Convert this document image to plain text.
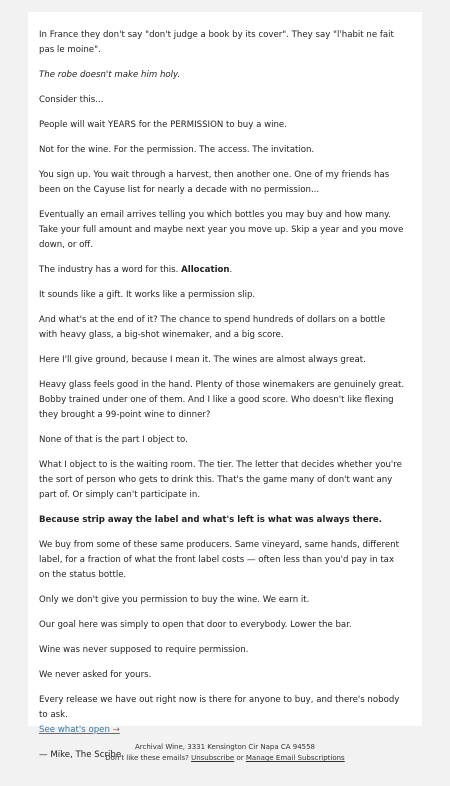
In France they don't say "don't judge a book by its cover". They say "l'habit ne fait pas le moine".

The robe doesn't make him holy.

Consider this...

People will wait YEARS for the PERMISSION to buy a wine.

Not for the wine. For the permission. The access. The invitation.

You sign up. You wait through a harvest, then another one. One of my friends has been on the Cayuse list for nearly a decade with no permission...

Eventually an email arrives telling you which bottles you may buy and how many. Take your full amount and maybe next year you move up. Skip a year and you move down, or off.

The industry has a word for this. Allocation.

It sounds like a gift. It works like a permission slip.

And what's at the end of it? The chance to spend hundreds of dollars on a bottle with heavy glass, a big-shot winemaker, and a big score.

Here I'll give ground, because I mean it. The wines are almost always great.

Heavy glass feels good in the hand. Plenty of those winemakers are genuinely great. Bobby trained under one of them. And I like a good score. Who doesn't like flexing they brought a 99-point wine to dinner?

None of that is the part I object to.

What I object to is the waiting room. The tier. The letter that decides whether you're the sort of person who gets to drink this. That's the game many of don't want any part of. Or simply can't participate in.

Because strip away the label and what's left is what was always there.

We buy from some of these same producers. Same vineyard, same hands, different label, for a fraction of what the front label costs — often less than you'd pay in tax on the status bottle.

Only we don't give you permission to buy the wine. We earn it.

Our goal here was simply to open that door to everybody. Lower the bar.

Wine was never supposed to require permission.

We never asked for yours.

Every release we have out right now is there for anyone to buy, and there's nobody to ask.
See what's open →

— Mike, The Scribe

Archival Wine, 3331 Kensington Cir Napa CA 94558
Don't like these emails? Unsubscribe or Manage Email Subscriptions
